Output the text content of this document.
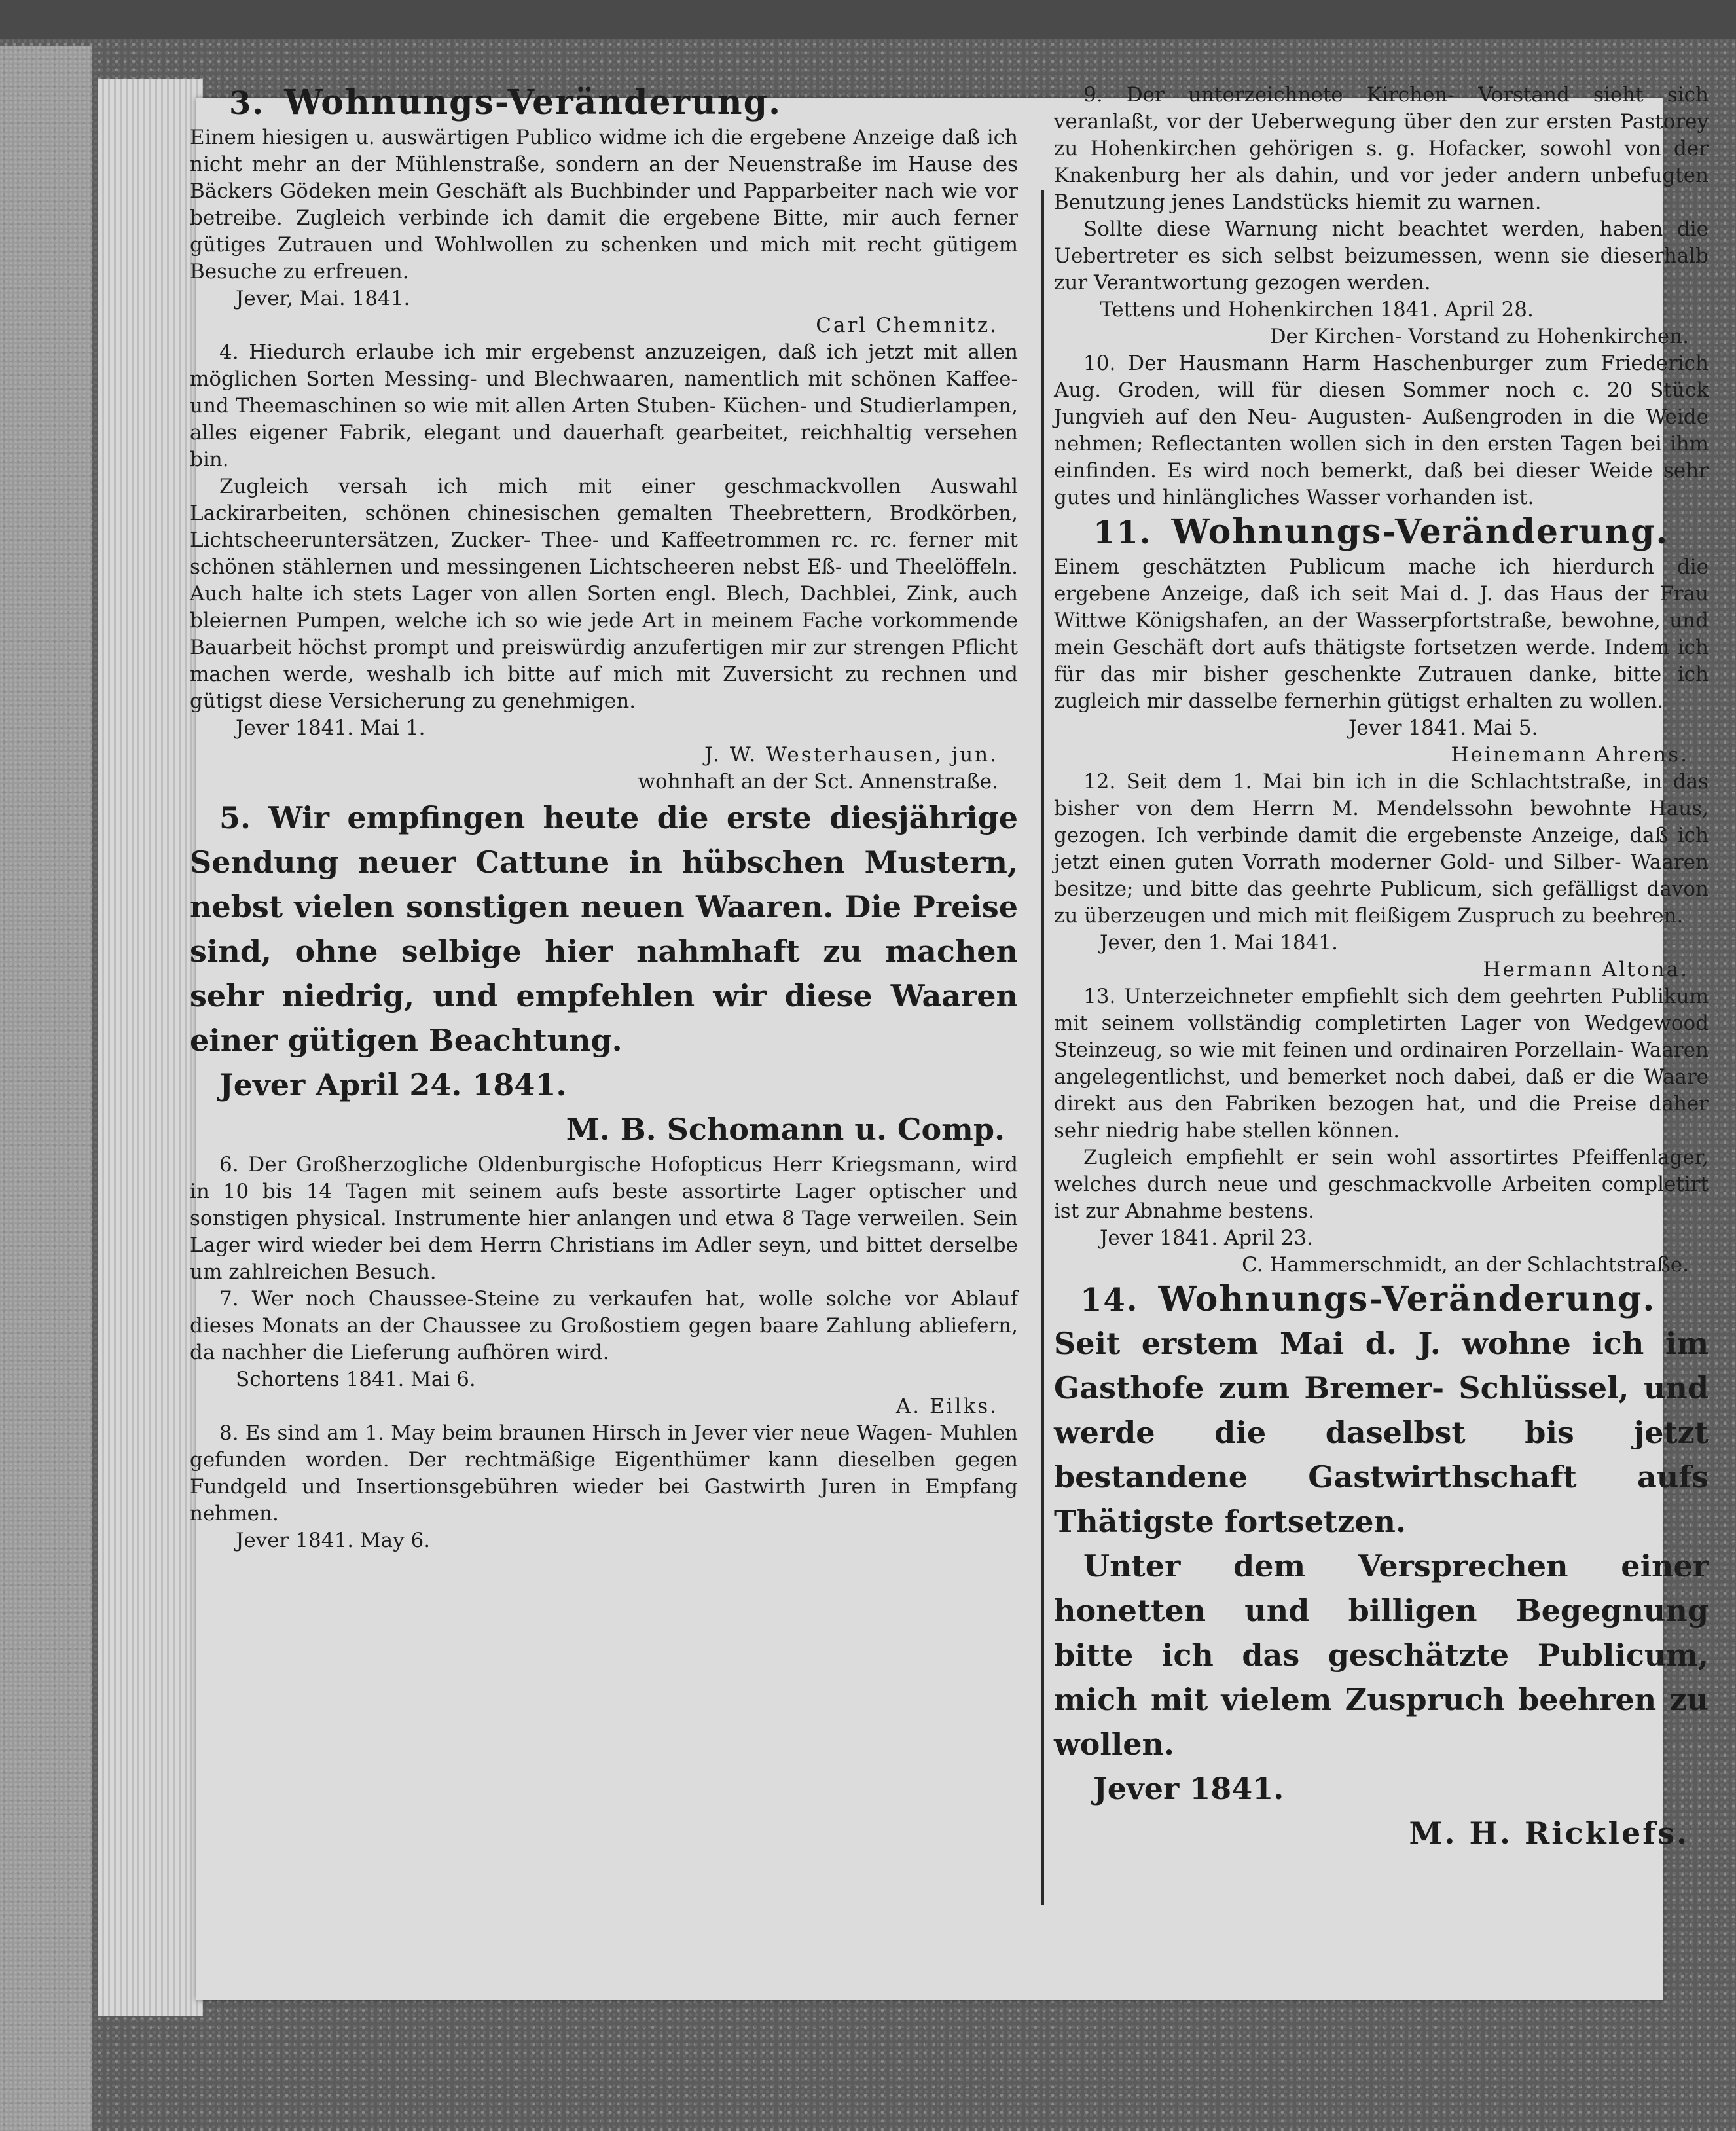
3. Wohnungs-Veränderung.

Einem hiesigen u. auswärtigen Publico widme ich die ergebene Anzeige daß ich nicht mehr an der Mühlenstraße, sondern an der Neuenstraße im Hause des Bäckers Gödeken mein Geschäft als Buchbinder und Papparbeiter nach wie vor betreibe. Zugleich verbinde ich damit die ergebene Bitte, mir auch ferner gütiges Zutrauen und Wohlwollen zu schenken und mich mit recht gütigem Besuche zu erfreuen.

Jever, Mai. 1841.

Carl Chemnitz.

4. Hiedurch erlaube ich mir ergebenst anzuzeigen, daß ich jetzt mit allen möglichen Sorten Messing- und Blechwaaren, namentlich mit schönen Kaffee- und Theemaschinen so wie mit allen Arten Stuben- Küchen- und Studierlampen, alles eigener Fabrik, elegant und dauerhaft gearbeitet, reichhaltig versehen bin.

Zugleich versah ich mich mit einer geschmackvollen Auswahl Lackirarbeiten, schönen chinesischen gemalten Theebrettern, Brodkörben, Lichtscheeruntersätzen, Zucker- Thee- und Kaffeetrommen rc. rc. ferner mit schönen stählernen und messingenen Lichtscheeren nebst Eß- und Theelöffeln. Auch halte ich stets Lager von allen Sorten engl. Blech, Dachblei, Zink, auch bleiernen Pumpen, welche ich so wie jede Art in meinem Fache vorkommende Bauarbeit höchst prompt und preiswürdig anzufertigen mir zur strengen Pflicht machen werde, weshalb ich bitte auf mich mit Zuversicht zu rechnen und gütigst diese Versicherung zu genehmigen.

Jever 1841. Mai 1.

J. W. Westerhausen, jun.

wohnhaft an der Sct. Annenstraße.

5. Wir empfingen heute die erste diesjährige Sendung neuer Cattune in hübschen Mustern, nebst vielen sonstigen neuen Waaren. Die Preise sind, ohne selbige hier nahmhaft zu machen sehr niedrig, und empfehlen wir diese Waaren einer gütigen Beachtung.

Jever April 24. 1841.

M. B. Schomann u. Comp.

6. Der Großherzogliche Oldenburgische Hofopticus Herr Kriegsmann, wird in 10 bis 14 Tagen mit seinem aufs beste assortirte Lager optischer und sonstigen physical. Instrumente hier anlangen und etwa 8 Tage verweilen. Sein Lager wird wieder bei dem Herrn Christians im Adler seyn, und bittet derselbe um zahlreichen Besuch.

7. Wer noch Chaussee-Steine zu verkaufen hat, wolle solche vor Ablauf dieses Monats an der Chaussee zu Großostiem gegen baare Zahlung abliefern, da nachher die Lieferung aufhören wird.

Schortens 1841. Mai 6.

A. Eilks.

8. Es sind am 1. May beim braunen Hirsch in Jever vier neue Wagen- Muhlen gefunden worden. Der rechtmäßige Eigenthümer kann dieselben gegen Fundgeld und Insertionsgebühren wieder bei Gastwirth Juren in Empfang nehmen.

Jever 1841. May 6.

9. Der unterzeichnete Kirchen- Vorstand sieht sich veranlaßt, vor der Ueberwegung über den zur ersten Pastorey zu Hohenkirchen gehörigen s. g. Hofacker, sowohl von der Knakenburg her als dahin, und vor jeder andern unbefugten Benutzung jenes Landstücks hiemit zu warnen.

Sollte diese Warnung nicht beachtet werden, haben die Uebertreter es sich selbst beizumessen, wenn sie dieserhalb zur Verantwortung gezogen werden.

Tettens und Hohenkirchen 1841. April 28.

Der Kirchen- Vorstand zu Hohenkirchen.

10. Der Hausmann Harm Haschenburger zum Friederich Aug. Groden, will für diesen Sommer noch c. 20 Stück Jungvieh auf den Neu- Augusten- Außengroden in die Weide nehmen; Reflectanten wollen sich in den ersten Tagen bei ihm einfinden. Es wird noch bemerkt, daß bei dieser Weide sehr gutes und hinlängliches Wasser vorhanden ist.

11. Wohnungs-Veränderung.

Einem geschätzten Publicum mache ich hierdurch die ergebene Anzeige, daß ich seit Mai d. J. das Haus der Frau Wittwe Königshafen, an der Wasserpfortstraße, bewohne, und mein Geschäft dort aufs thätigste fortsetzen werde. Indem ich für das mir bisher geschenkte Zutrauen danke, bitte ich zugleich mir dasselbe fernerhin gütigst erhalten zu wollen.

Jever 1841. Mai 5.

Heinemann Ahrens.

12. Seit dem 1. Mai bin ich in die Schlachtstraße, in das bisher von dem Herrn M. Mendelssohn bewohnte Haus, gezogen. Ich verbinde damit die ergebenste Anzeige, daß ich jetzt einen guten Vorrath moderner Gold- und Silber- Waaren besitze; und bitte das geehrte Publicum, sich gefälligst davon zu überzeugen und mich mit fleißigem Zuspruch zu beehren.

Jever, den 1. Mai 1841.

Hermann Altona.

13. Unterzeichneter empfiehlt sich dem geehrten Publikum mit seinem vollständig completirten Lager von Wedgewood Steinzeug, so wie mit feinen und ordinairen Porzellain- Waaren angelegentlichst, und bemerket noch dabei, daß er die Waare direkt aus den Fabriken bezogen hat, und die Preise daher sehr niedrig habe stellen können.

Zugleich empfiehlt er sein wohl assortirtes Pfeiffenlager, welches durch neue und geschmackvolle Arbeiten completirt ist zur Abnahme bestens.

Jever 1841. April 23.

C. Hammerschmidt, an der Schlachtstraße.

14. Wohnungs-Veränderung.

Seit erstem Mai d. J. wohne ich im Gasthofe zum Bremer- Schlüssel, und werde die daselbst bis jetzt bestandene Gastwirthschaft aufs Thätigste fortsetzen.

Unter dem Versprechen einer honetten und billigen Begegnung bitte ich das geschätzte Publicum, mich mit vielem Zuspruch beehren zu wollen.

Jever 1841.

M. H. Ricklefs.
